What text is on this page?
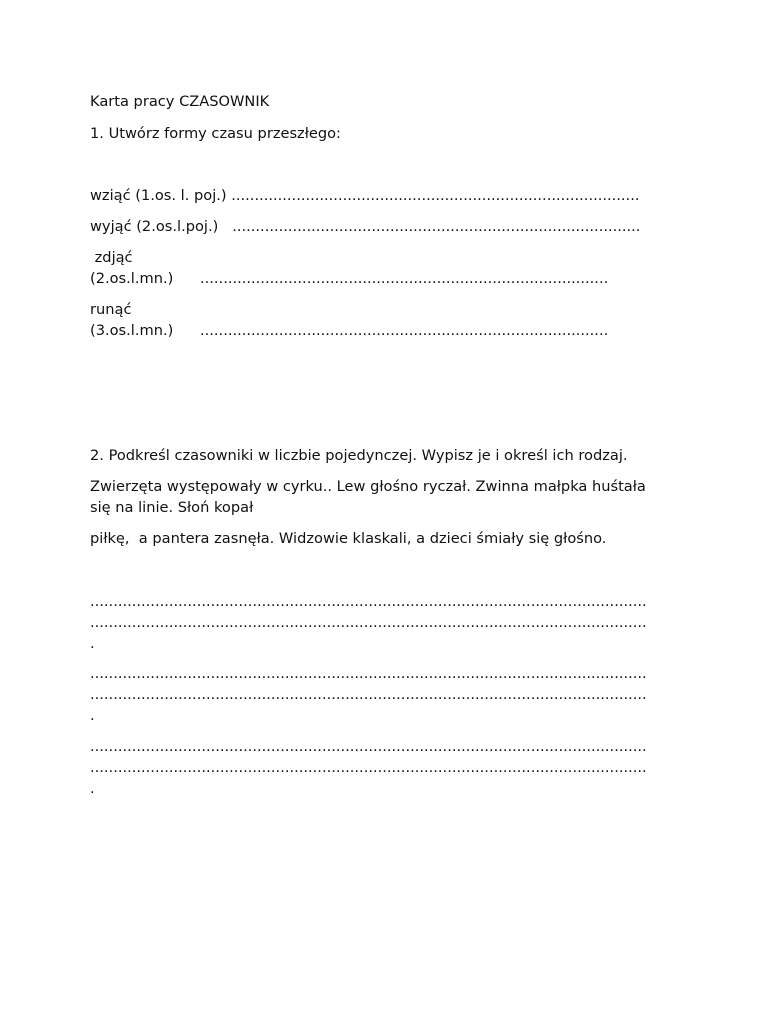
Karta pracy CZASOWNIK

1. Utwórz formy czasu przeszłego:

wziąć (1.os. l. poj.) ........................................................................................

wyjąć (2.os.l.poj.) ........................................................................................

zdjąć

(2.os.l.mn.) ........................................................................................

runąć

(3.os.l.mn.) ........................................................................................

2. Podkreśl czasowniki w liczbie pojedynczej. Wypisz je i określ ich rodzaj.

Zwierzęta występowały w cyrku.. Lew głośno ryczał. Zwinna małpka huśtała

się na linie. Słoń kopał

piłkę,  a pantera zasnęła. Widzowie klaskali, a dzieci śmiały się głośno.

........................................................................................................................

........................................................................................................................

.

........................................................................................................................

........................................................................................................................

.

........................................................................................................................

........................................................................................................................

.
